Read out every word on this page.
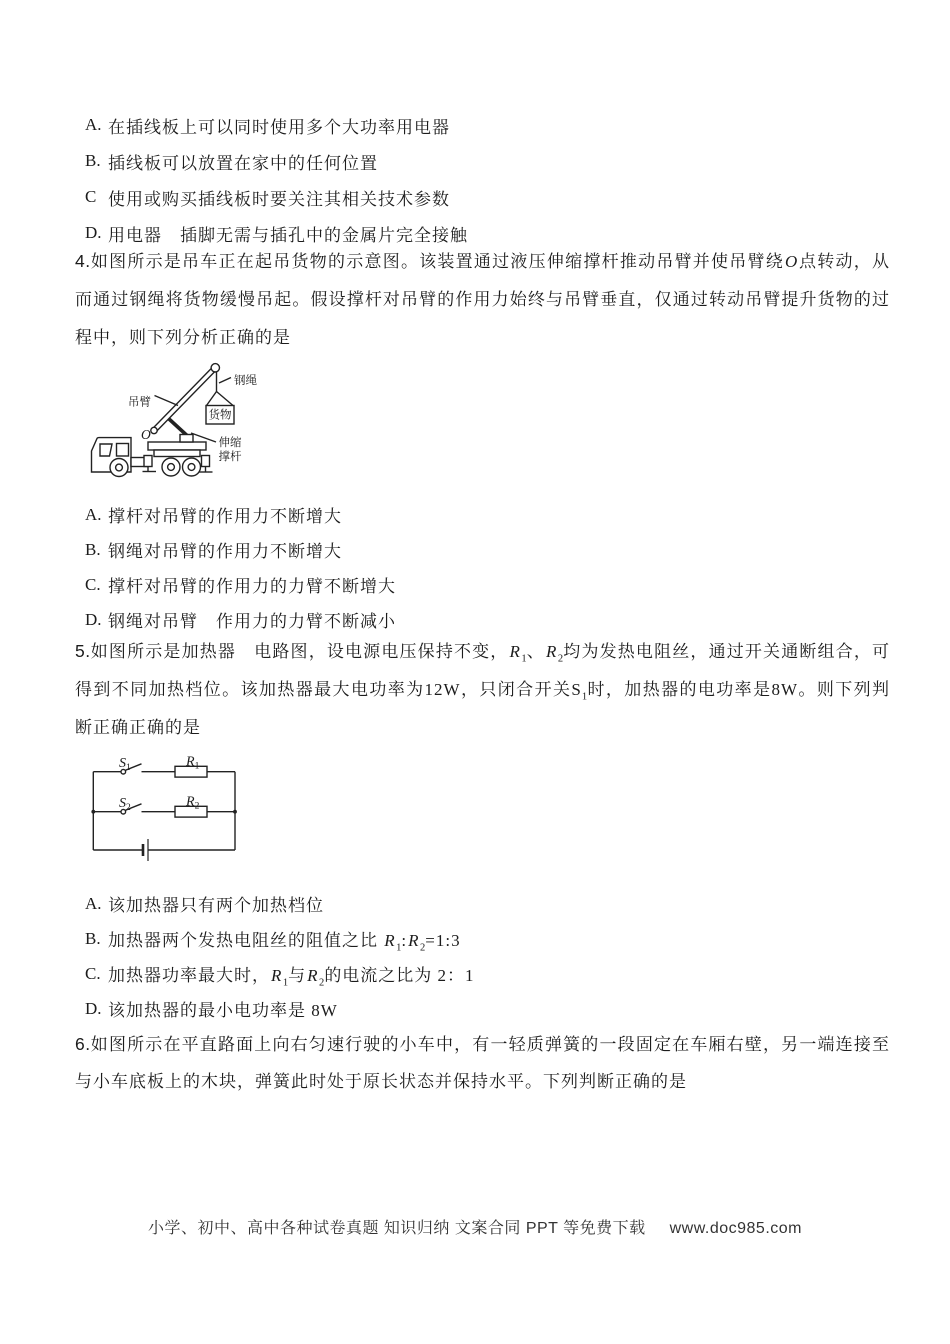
A. 在插线板上可以同时使用多个大功率用电器
B. 插线板可以放置在家中的任何位置
C 使用或购买插线板时要关注其相关技术参数
D. 用电器　插脚无需与插孔中的金属片完全接触
4.如图所示是吊车正在起吊货物的示意图。该装置通过液压伸缩撑杆推动吊臂并使吊臂绕O点转动，从而通过钢绳将货物缓慢吊起。假设撑杆对吊臂的作用力始终与吊臂垂直，仅通过转动吊臂提升货物的过程中，则下列分析正确的是
货物
钢绳
吊臂
伸缩
撑杆
O
A. 撑杆对吊臂的作用力不断增大
B. 钢绳对吊臂的作用力不断增大
C. 撑杆对吊臂的作用力的力臂不断增大
D. 钢绳对吊臂　作用力的力臂不断减小
5.如图所示是加热器　电路图，设电源电压保持不变，$R_1$、$R_2$均为发热电阻丝，通过开关通断组合，可得到不同加热档位。该加热器最大电功率为12W，只闭合开关$S_1$时，加热器的电功率是8W。则下列判断正确正确的是
S1	R1
S2	R2
A. 该加热器只有两个加热档位
B. 加热器两个发热电阻丝的阻值之比 $R_1:R_2=1:3$
C. 加热器功率最大时，$R_1$与$R_2$的电流之比为 2：1
D. 该加热器的最小电功率是 8W
6.如图所示在平直路面上向右匀速行驶的小车中，有一轻质弹簧的一段固定在车厢右壁，另一端连接至与小车底板上的木块，弹簧此时处于原长状态并保持水平。下列判断正确的是
小学、初中、高中各种试卷真题 知识归纳 文案合同 PPT 等免费下载 www.doc985.com
